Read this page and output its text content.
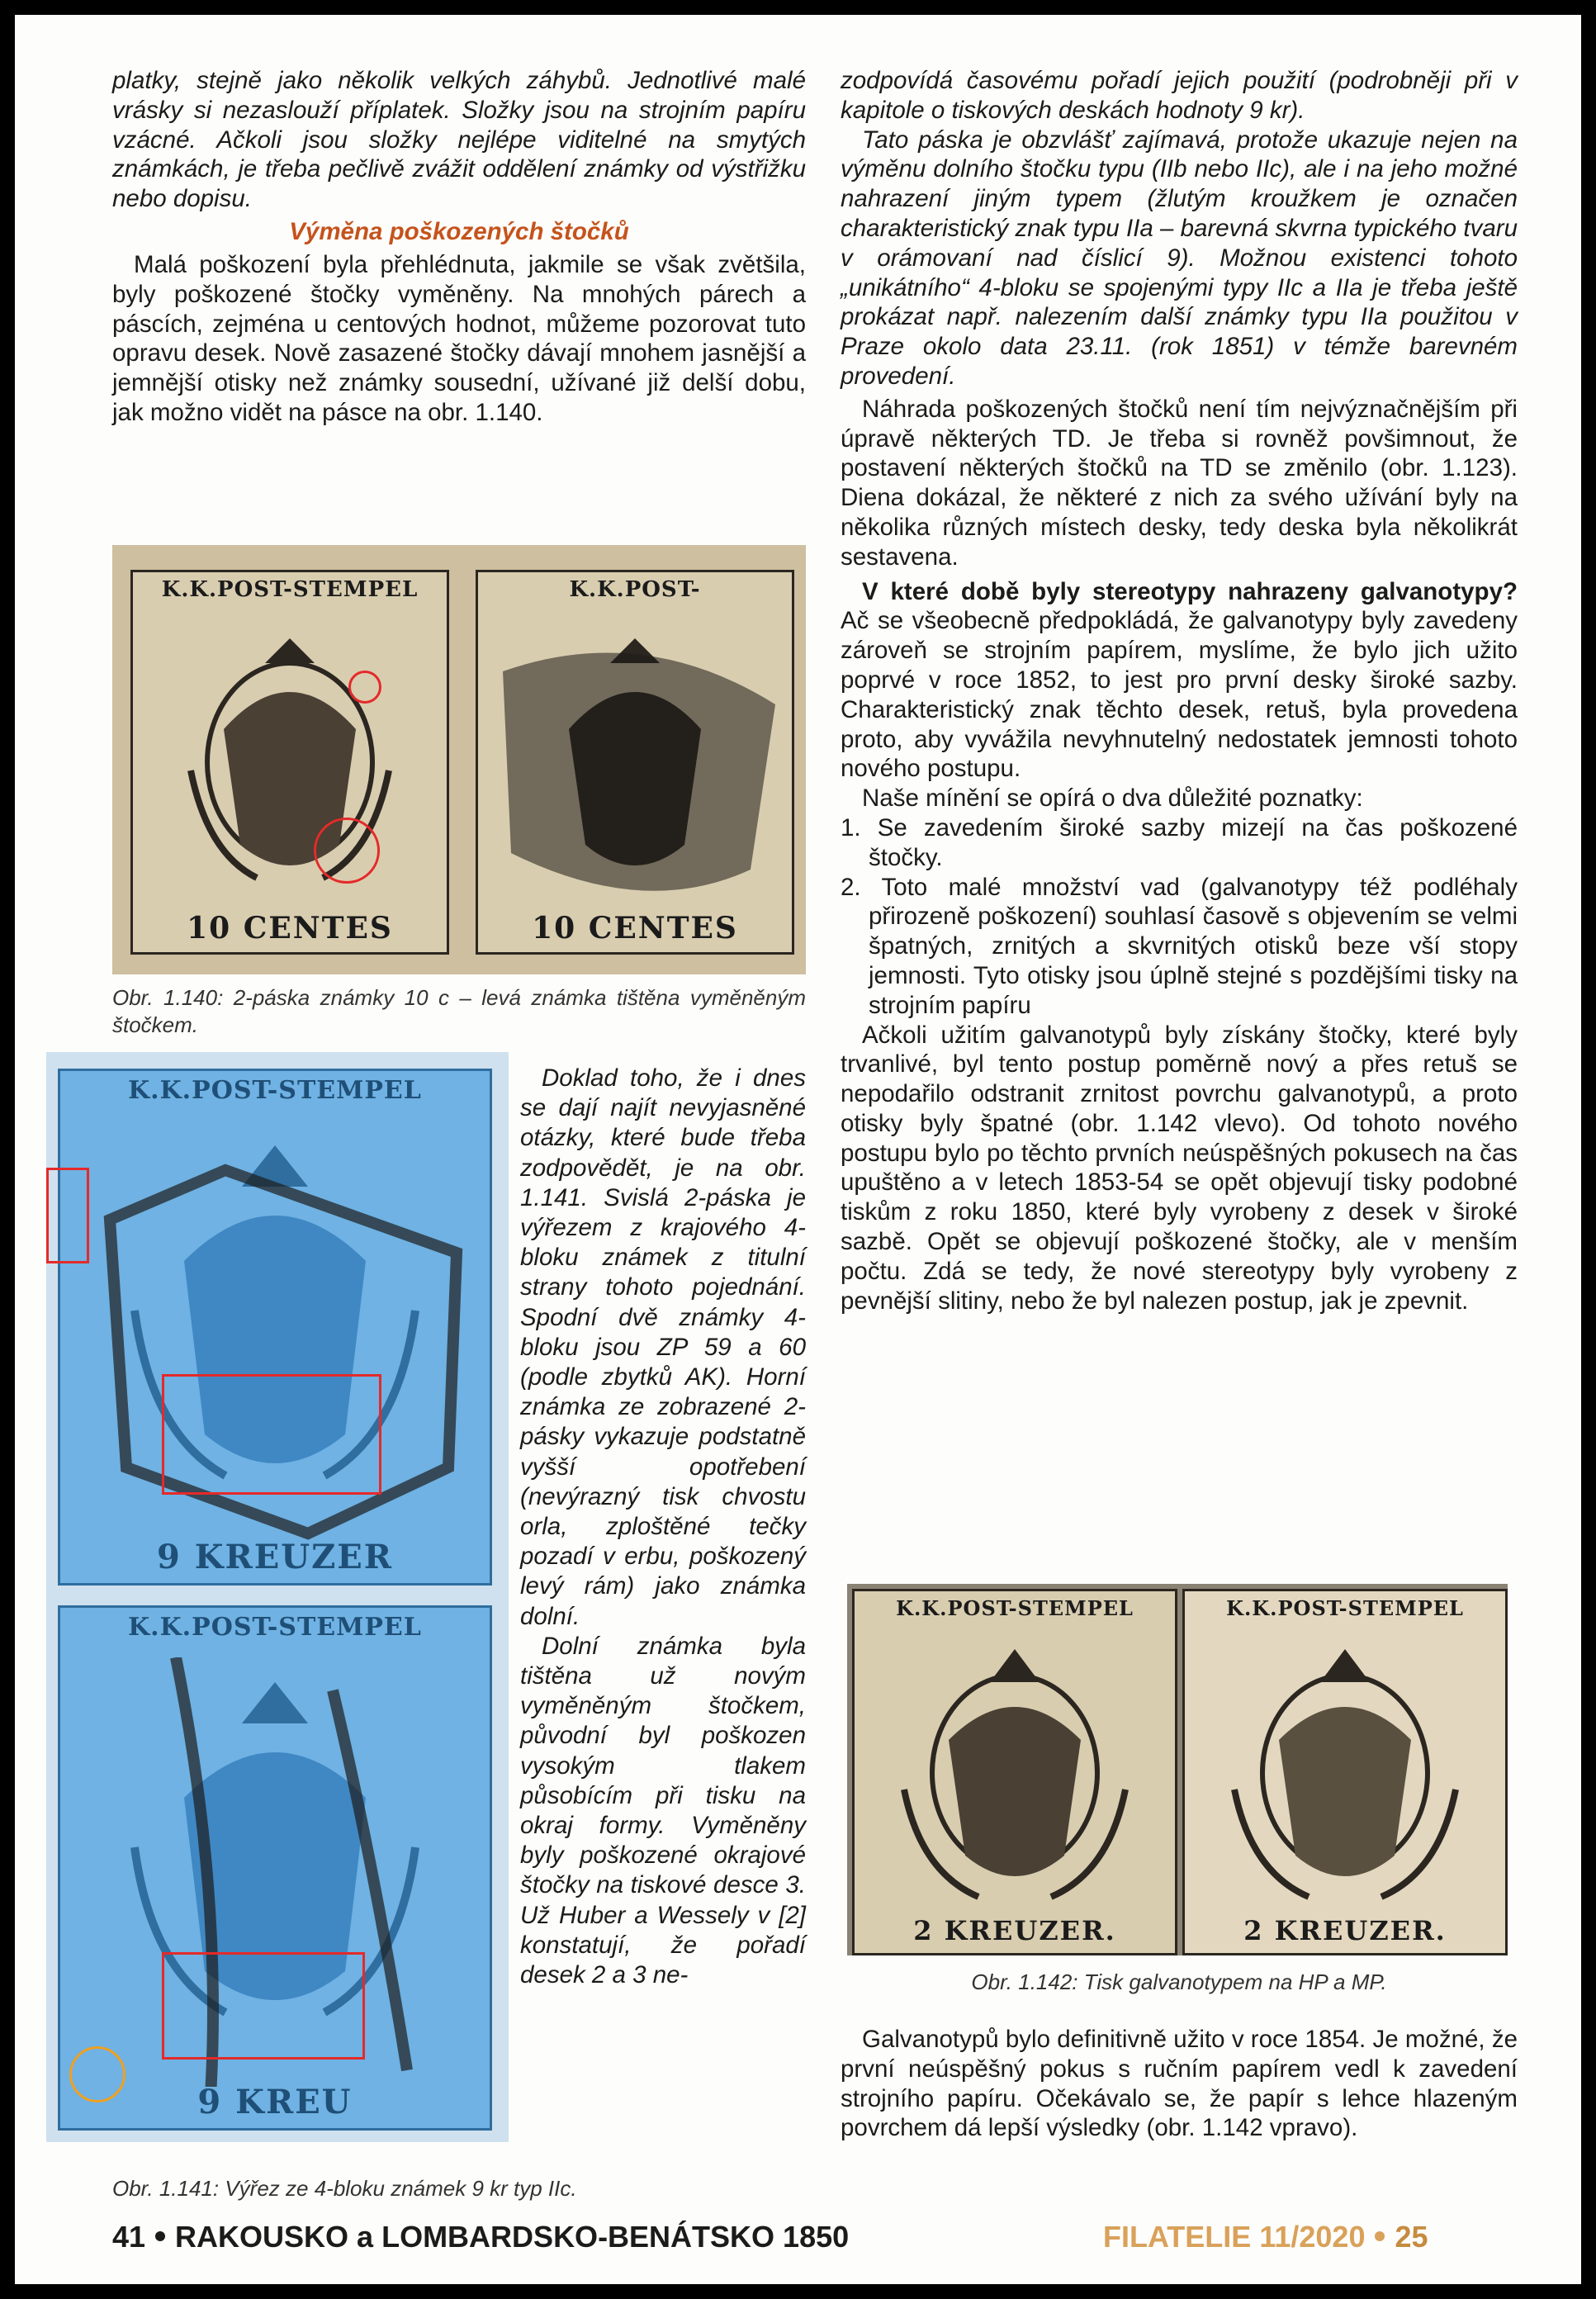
platky, stejně jako několik velkých záhybů. Jednotlivé malé vrásky si nezaslouží příplatek. Složky jsou na strojním papíru vzácné. Ačkoli jsou složky nejlépe viditelné na smytých známkách, je třeba pečlivě zvážit oddělení známky od výstřižku nebo dopisu.

Výměna poškozených štočků

Malá poškození byla přehlédnuta, jakmile se však zvětšila, byly poškozené štočky vyměněny. Na mnohých párech a páscích, zejména u centových hodnot, můžeme pozorovat tuto opravu desek. Nově zasazené štočky dávají mnohem jasnější a jemnější otisky než známky sousední, užívané již delší dobu, jak možno vidět na pásce na obr. 1.140.

K.K.POST-STEMPEL
10 CENTES
K.K.POST-
10 CENTES

Obr. 1.140: 2-páska známky 10 c – levá známka tištěna vyměněným štočkem.

K.K.POST-STEMPEL
9 KREUZER
K.K.POST-STEMPEL
9 KREU

Doklad toho, že i dnes se dají najít nevyjasněné otázky, které bude třeba zodpovědět, je na obr. 1.141. Svislá 2-páska je výřezem z krajového 4-bloku známek z titulní strany tohoto pojednání. Spodní dvě známky 4-bloku jsou ZP 59 a 60 (podle zbytků AK). Horní známka ze zobrazené 2-pásky vykazuje podstatně vyšší opotřebení (nevýrazný tisk chvostu orla, zploštěné tečky pozadí v erbu, poškozený levý rám) jako známka dolní.

Dolní známka byla tištěna už novým vyměněným štočkem, původní byl poškozen vysokým tlakem působícím při tisku na okraj formy. Vyměněny byly poškozené okrajové štočky na tiskové desce 3. Už Huber a Wessely v [2] konstatují, že pořadí desek 2 a 3 ne-

Obr. 1.141: Výřez ze 4-bloku známek 9 kr typ IIc.

zodpovídá časovému pořadí jejich použití (podrobněji při v kapitole o tiskových deskách hodnoty 9 kr).

Tato páska je obzvlášť zajímavá, protože ukazuje nejen na výměnu dolního štočku typu (IIb nebo IIc), ale i na jeho možné nahrazení jiným typem (žlutým kroužkem je označen charakteristický znak typu IIa – barevná skvrna typického tvaru v orámovaní nad číslicí 9). Možnou existenci tohoto „unikátního“ 4-bloku se spojenými typy IIc a IIa je třeba ještě prokázat např. nalezením další známky typu IIa použitou v Praze okolo data 23.11. (rok 1851) v témže barevném provedení.

Náhrada poškozených štočků není tím nejvýznačnějším při úpravě některých TD. Je třeba si rovněž povšimnout, že postavení některých štočků na TD se změnilo (obr. 1.123). Diena dokázal, že některé z nich za svého užívání byly na několika různých místech desky, tedy deska byla několikrát sestavena.

V které době byly stereotypy nahrazeny galvanotypy? Ač se všeobecně předpokládá, že galvanotypy byly zavedeny zároveň se strojním papírem, myslíme, že bylo jich užito poprvé v roce 1852, to jest pro první desky široké sazby. Charakteristický znak těchto desek, retuš, byla provedena proto, aby vyvážila nevyhnutelný nedostatek jemnosti tohoto nového postupu.

Naše mínění se opírá o dva důležité poznatky:

1. Se zavedením široké sazby mizejí na čas poškozené štočky.
2. Toto malé množství vad (galvanotypy též podléhaly přirozeně poškození) souhlasí časově s objevením se velmi špatných, zrnitých a skvrnitých otisků beze vší stopy jemnosti. Tyto otisky jsou úplně stejné s pozdějšími tisky na strojním papíru

Ačkoli užitím galvanotypů byly získány štočky, které byly trvanlivé, byl tento postup poměrně nový a přes retuš se nepodařilo odstranit zrnitost povrchu galvanotypů, a proto otisky byly špatné (obr. 1.142 vlevo). Od tohoto nového postupu bylo po těchto prvních neúspěšných pokusech na čas upuštěno a v letech 1853-54 se opět objevují tisky podobné tiskům z roku 1850, které byly vyrobeny z desek v široké sazbě. Opět se objevují poškozené štočky, ale v menším počtu. Zdá se tedy, že nové stereotypy byly vyrobeny z pevnější slitiny, nebo že byl nalezen postup, jak je zpevnit.

K.K.POST-STEMPEL
2 KREUZER.
K.K.POST-STEMPEL
2 KREUZER.

Obr. 1.142: Tisk galvanotypem na HP a MP.

Galvanotypů bylo definitivně užito v roce 1854. Je možné, že první neúspěšný pokus s ručním papírem vedl k zavedení strojního papíru. Očekávalo se, že papír s lehce hlazeným povrchem dá lepší výsledky (obr. 1.142 vpravo).

41 RAKOUSKO a LOMBARDSKO-BENÁTSKO 1850	FILATELIE 11/2020 25
